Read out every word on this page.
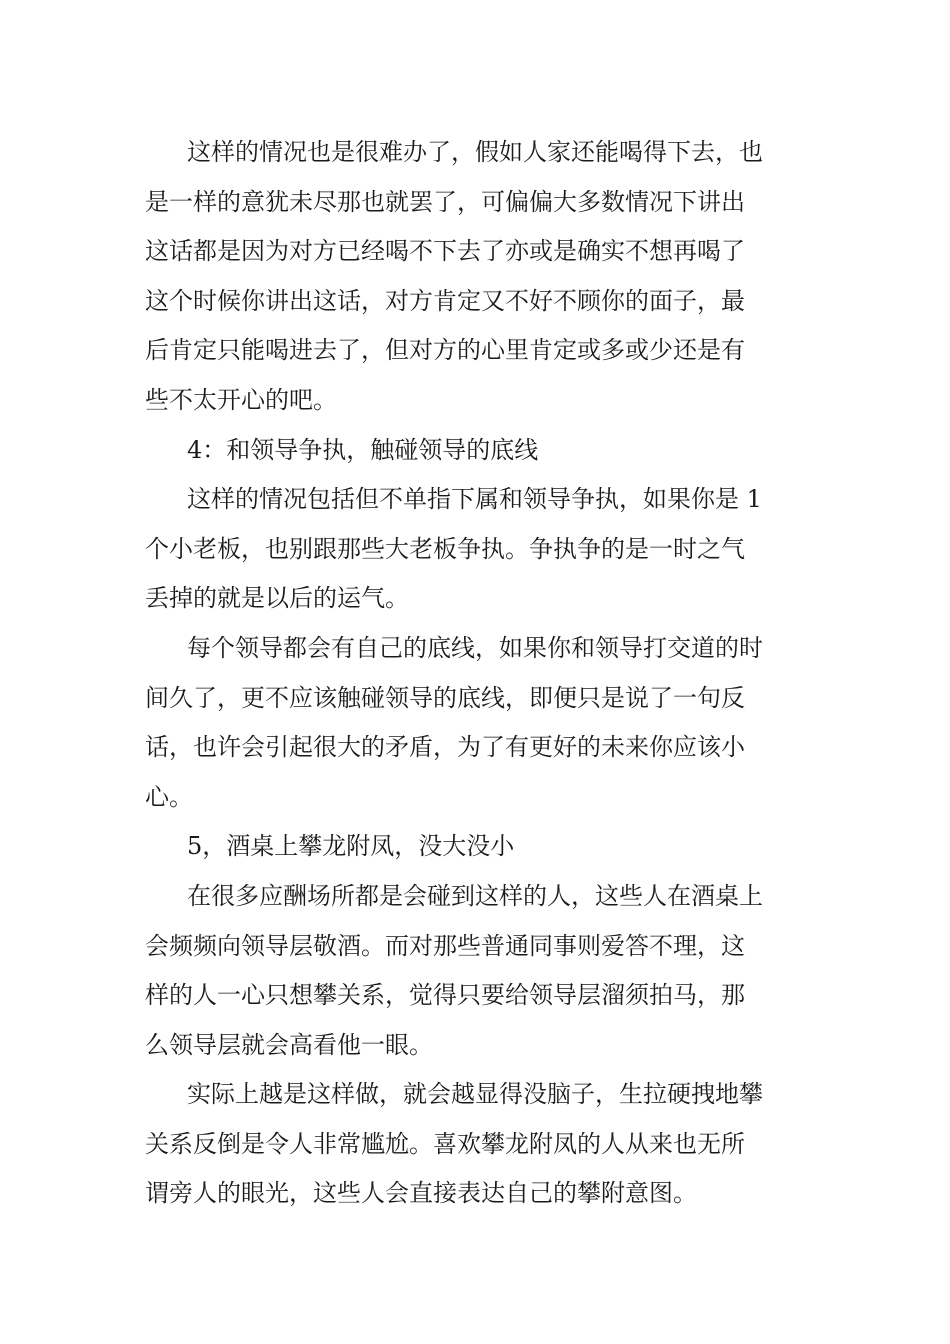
这样的情况也是很难办了，假如人家还能喝得下去，也
是一样的意犹未尽那也就罢了，可偏偏大多数情况下讲出
这话都是因为对方已经喝不下去了亦或是确实不想再喝了
这个时候你讲出这话，对方肯定又不好不顾你的面子，最
后肯定只能喝进去了，但对方的心里肯定或多或少还是有
些不太开心的吧。
4：和领导争执，触碰领导的底线
这样的情况包括但不单指下属和领导争执，如果你是 1
个小老板，也别跟那些大老板争执。争执争的是一时之气
丢掉的就是以后的运气。
每个领导都会有自己的底线，如果你和领导打交道的时
间久了，更不应该触碰领导的底线，即便只是说了一句反
话，也许会引起很大的矛盾，为了有更好的未来你应该小
心。
5，酒桌上攀龙附凤，没大没小
在很多应酬场所都是会碰到这样的人，这些人在酒桌上
会频频向领导层敬酒。而对那些普通同事则爱答不理，这
样的人一心只想攀关系，觉得只要给领导层溜须拍马，那
么领导层就会高看他一眼。
实际上越是这样做，就会越显得没脑子，生拉硬拽地攀
关系反倒是令人非常尴尬。喜欢攀龙附凤的人从来也无所
谓旁人的眼光，这些人会直接表达自己的攀附意图。
